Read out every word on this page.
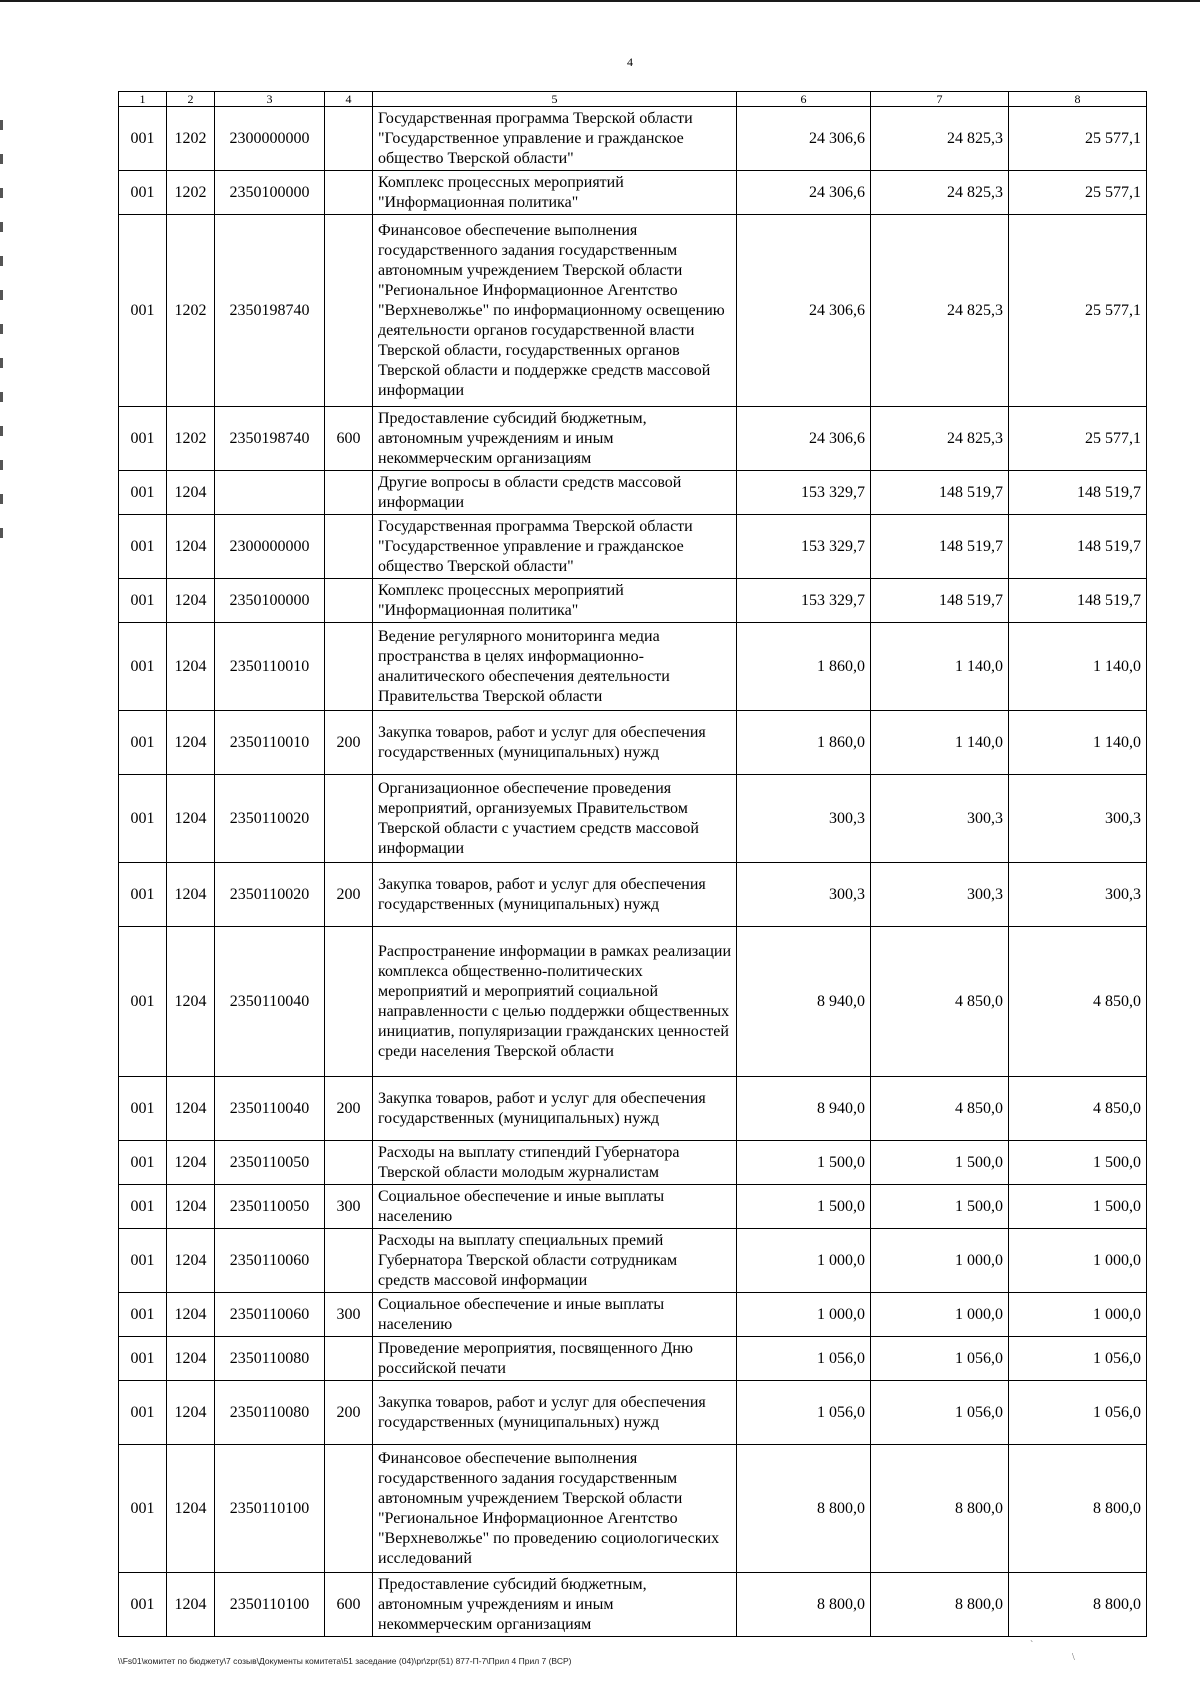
4
1	2	3	4	5	6	7	8
001	1202	2300000000		Государственная программа Тверской области "Государственное управление и гражданское общество Тверской области"	24 306,6	24 825,3	25 577,1
001	1202	2350100000		Комплекс процессных мероприятий "Информационная политика"	24 306,6	24 825,3	25 577,1
001	1202	2350198740		Финансовое обеспечение выполнения государственного задания государственным автономным учреждением Тверской области "Региональное Информационное Агентство "Верхневолжье" по информационному освещению деятельности органов государственной власти Тверской области, государственных органов Тверской области и поддержке средств массовой информации	24 306,6	24 825,3	25 577,1
001	1202	2350198740	600	Предоставление субсидий бюджетным, автономным учреждениям и иным некоммерческим организациям	24 306,6	24 825,3	25 577,1
001	1204			Другие вопросы в области средств массовой информации	153 329,7	148 519,7	148 519,7
001	1204	2300000000		Государственная программа Тверской области "Государственное управление и гражданское общество Тверской области"	153 329,7	148 519,7	148 519,7
001	1204	2350100000		Комплекс процессных мероприятий "Информационная политика"	153 329,7	148 519,7	148 519,7
001	1204	2350110010		Ведение регулярного мониторинга медиа пространства в целях информационно-аналитического обеспечения деятельности Правительства Тверской области	1 860,0	1 140,0	1 140,0
001	1204	2350110010	200	Закупка товаров, работ и услуг для обеспечения государственных (муниципальных) нужд	1 860,0	1 140,0	1 140,0
001	1204	2350110020		Организационное обеспечение проведения мероприятий, организуемых Правительством Тверской области с участием средств массовой информации	300,3	300,3	300,3
001	1204	2350110020	200	Закупка товаров, работ и услуг для обеспечения государственных (муниципальных) нужд	300,3	300,3	300,3
001	1204	2350110040		Распространение информации в рамках реализации комплекса общественно-политических мероприятий и мероприятий социальной направленности с целью поддержки общественных инициатив, популяризации гражданских ценностей среди населения Тверской области	8 940,0	4 850,0	4 850,0
001	1204	2350110040	200	Закупка товаров, работ и услуг для обеспечения государственных (муниципальных) нужд	8 940,0	4 850,0	4 850,0
001	1204	2350110050		Расходы на выплату стипендий Губернатора Тверской области молодым журналистам	1 500,0	1 500,0	1 500,0
001	1204	2350110050	300	Социальное обеспечение и иные выплаты населению	1 500,0	1 500,0	1 500,0
001	1204	2350110060		Расходы на выплату специальных премий Губернатора Тверской области сотрудникам средств массовой информации	1 000,0	1 000,0	1 000,0
001	1204	2350110060	300	Социальное обеспечение и иные выплаты населению	1 000,0	1 000,0	1 000,0
001	1204	2350110080		Проведение мероприятия, посвященного Дню российской печати	1 056,0	1 056,0	1 056,0
001	1204	2350110080	200	Закупка товаров, работ и услуг для обеспечения государственных (муниципальных) нужд	1 056,0	1 056,0	1 056,0
001	1204	2350110100		Финансовое обеспечение выполнения государственного задания государственным автономным учреждением Тверской области "Региональное Информационное Агентство "Верхневолжье" по проведению социологических исследований	8 800,0	8 800,0	8 800,0
001	1204	2350110100	600	Предоставление субсидий бюджетным, автономным учреждениям и иным некоммерческим организациям	8 800,0	8 800,0	8 800,0
\\Fs01\комитет по бюджету\7 созыв\Документы комитета\51 заседание (04)\pr\zpr(51) 877-П-7\Прил 4 Прил 7 (ВСР)
`
\
